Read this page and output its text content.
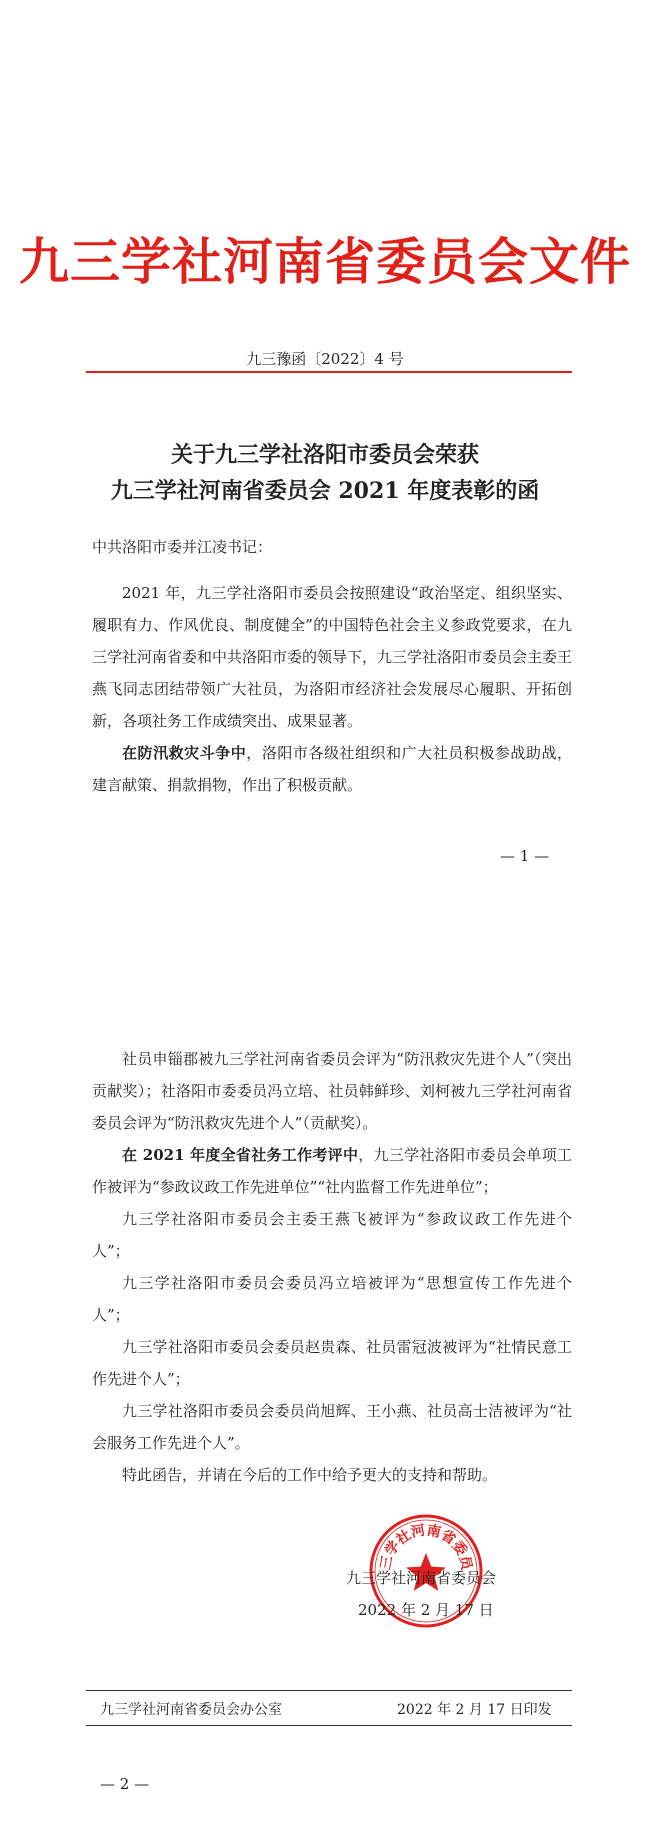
九三学社河南省委员会文件
九三豫函〔2022〕4 号
关于九三学社洛阳市委员会荣获
九三学社河南省委员会 2021 年度表彰的函
中共洛阳市委并江凌书记：

2021 年，九三学社洛阳市委员会按照建设“政治坚定、组织坚实、履职有力、作风优良、制度健全”的中国特色社会主义参政党要求，在九三学社河南省委和中共洛阳市委的领导下，九三学社洛阳市委员会主委王燕飞同志团结带领广大社员，为洛阳市经济社会发展尽心履职、开拓创新，各项社务工作成绩突出、成果显著。

在防汛救灾斗争中，洛阳市各级社组织和广大社员积极参战助战，建言献策、捐款捐物，作出了积极贡献。

— 1 —

社员申锱郡被九三学社河南省委员会评为“防汛救灾先进个人”（突出贡献奖）；社洛阳市委委员冯立培、社员韩鲜珍、刘柯被九三学社河南省委员会评为“防汛救灾先进个人”（贡献奖）。

在 2021 年度全省社务工作考评中，九三学社洛阳市委员会单项工作被评为“参政议政工作先进单位”“社内监督工作先进单位”；

九三学社洛阳市委员会主委王燕飞被评为“参政议政工作先进个人”；

九三学社洛阳市委员会委员冯立培被评为“思想宣传工作先进个人”；

九三学社洛阳市委员会委员赵贵森、社员雷冠波被评为“社情民意工作先进个人”；

九三学社洛阳市委员会委员尚旭辉、王小燕、社员高士洁被评为“社会服务工作先进个人”。

特此函告，并请在今后的工作中给予更大的支持和帮助。

三学社河南省委员
九三学社河南省委员会
2022 年 2 月 17 日
九三学社河南省委员会办公室	2022 年 2 月 17 日印发
— 2 —
